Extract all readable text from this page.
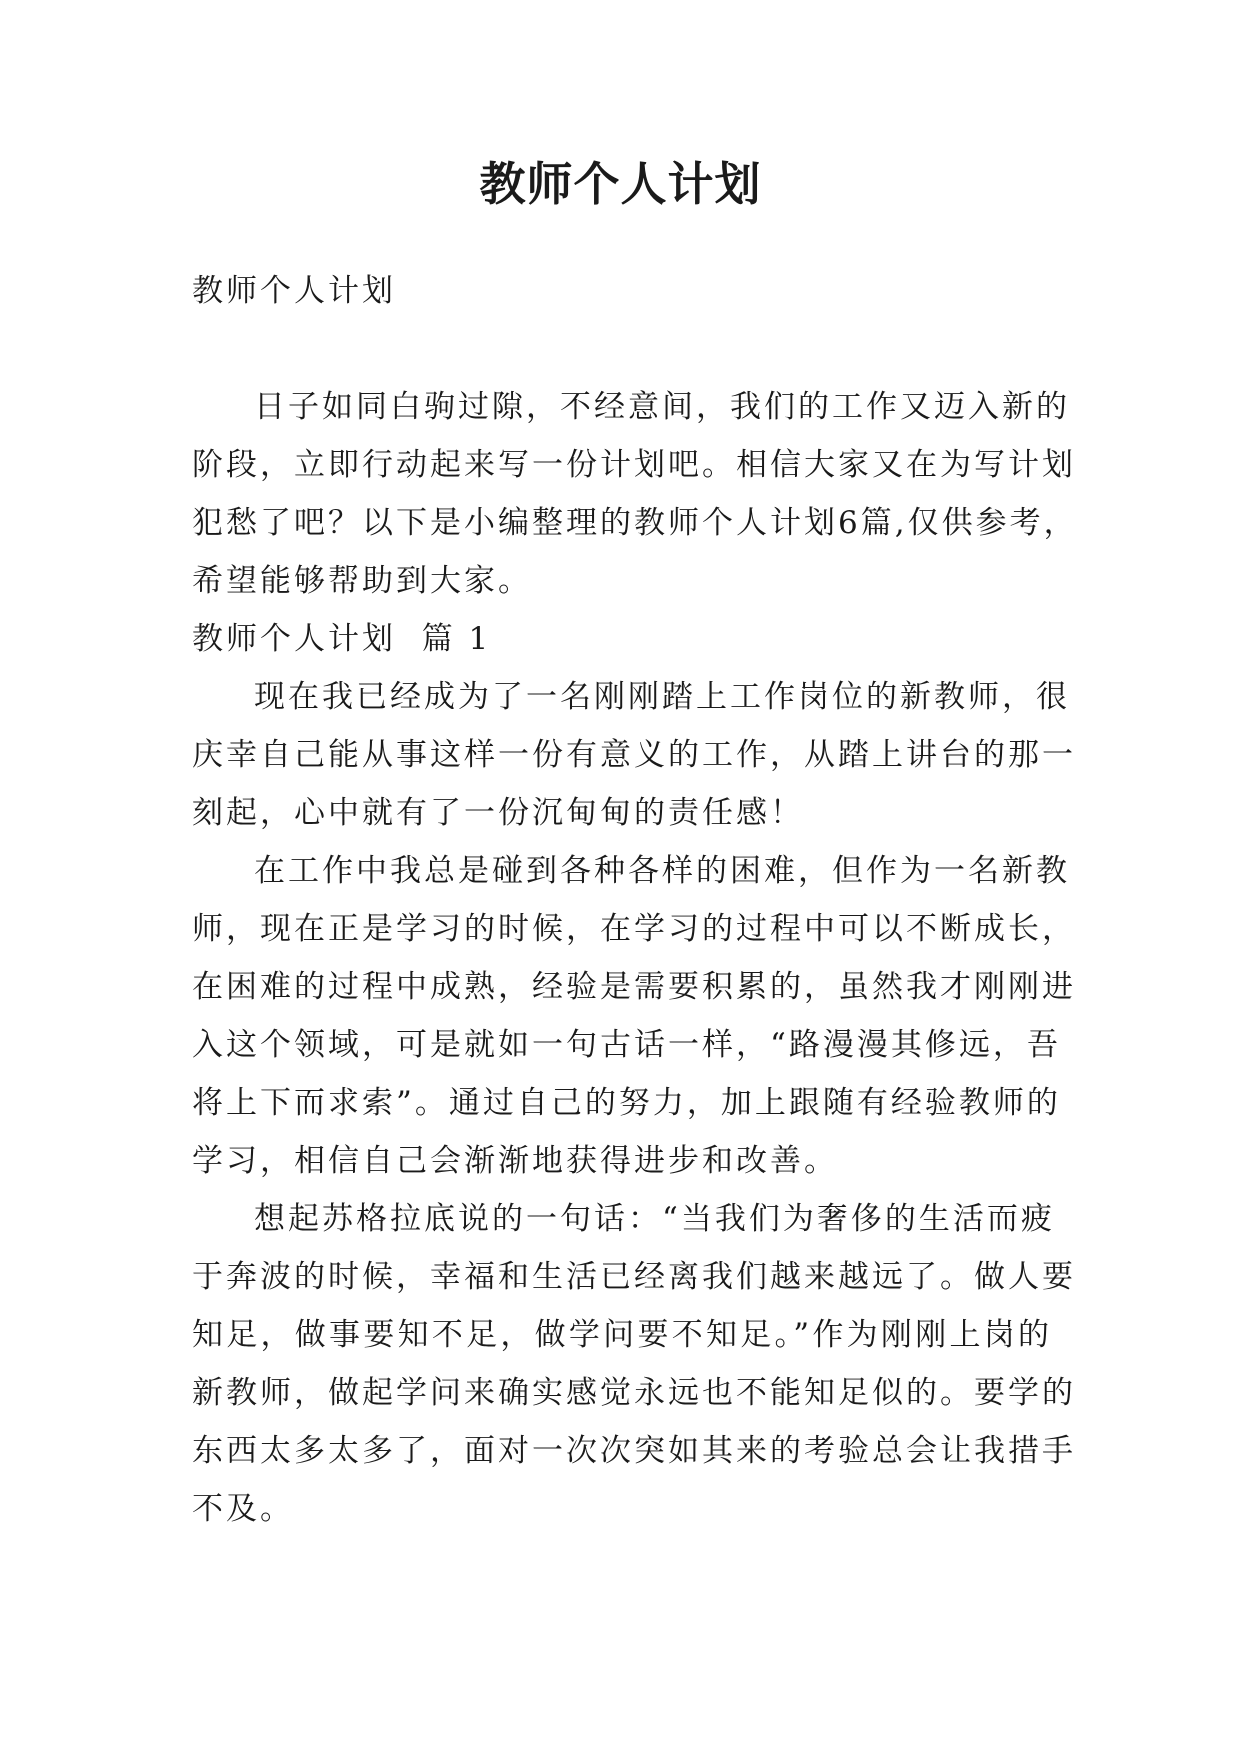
教师个人计划

教师个人计划

日子如同白驹过隙，不经意间，我们的工作又迈入新的
阶段，立即行动起来写一份计划吧。相信大家又在为写计划
犯愁了吧？以下是小编整理的教师个人计划6篇,仅供参考，
希望能够帮助到大家。

教师个人计划  篇 1

现在我已经成为了一名刚刚踏上工作岗位的新教师，很
庆幸自己能从事这样一份有意义的工作，从踏上讲台的那一
刻起，心中就有了一份沉甸甸的责任感！

在工作中我总是碰到各种各样的困难，但作为一名新教
师，现在正是学习的时候，在学习的过程中可以不断成长，
在困难的过程中成熟，经验是需要积累的，虽然我才刚刚进
入这个领域，可是就如一句古话一样，“路漫漫其修远，吾
将上下而求索”。通过自己的努力，加上跟随有经验教师的
学习，相信自己会渐渐地获得进步和改善。

想起苏格拉底说的一句话：“当我们为奢侈的生活而疲
于奔波的时候，幸福和生活已经离我们越来越远了。做人要
知足，做事要知不足，做学问要不知足。”作为刚刚上岗的
新教师，做起学问来确实感觉永远也不能知足似的。要学的
东西太多太多了，面对一次次突如其来的考验总会让我措手
不及。
